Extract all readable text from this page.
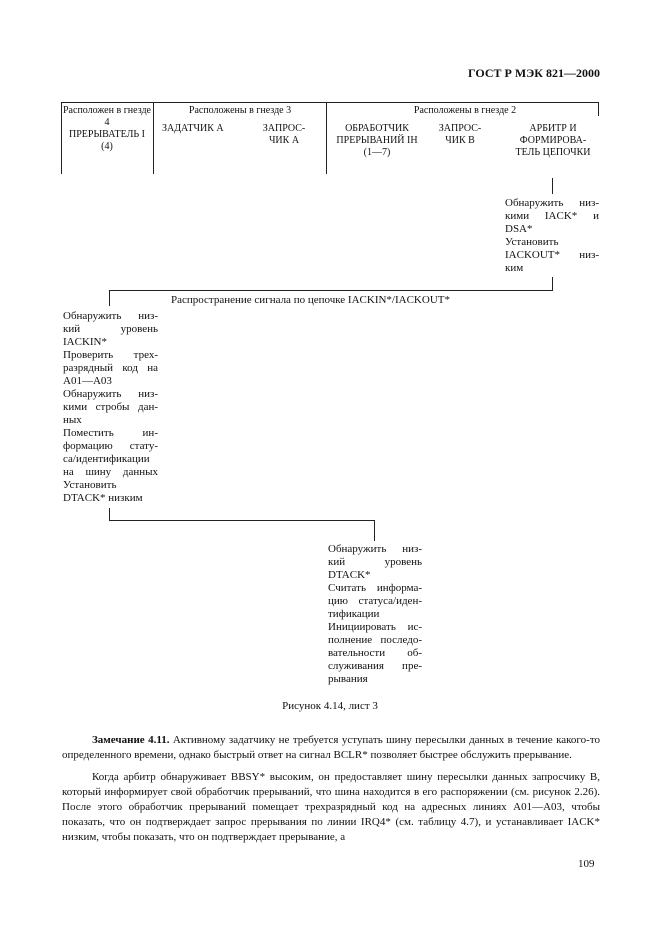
ГОСТ Р МЭК 821—2000
Расположен в гнезде 4
Расположены в гнезде 3	Расположены в гнезде 2
ПРЕРЫВАТЕЛЬ I (4)
ЗАДАТЧИК А	ЗАПРОС-ЧИК А
ОБРАБОТЧИК ПРЕРЫВАНИЙ IH (1—7)
ЗАПРОС-ЧИК В
АРБИТР И ФОРМИРОВА-ТЕЛЬ ЦЕПОЧКИ
Обнаружить низ-
кими IACK* и
DSA*
Установить
IACKOUT* низ-
ким
Распространение сигнала по цепочке IACKIN*/IACKOUT*
Обнаружить низ-
кий уровень
IACKIN*
Проверить трех-
разрядный код на
A01—A03
Обнаружить низ-
кими стробы дан-
ных
Поместить ин-
формацию стату-
са/идентификации
на шину данных
Установить
DTACK* низким
Обнаружить низ-
кий уровень
DTACK*
Считать информа-
цию статуса/иден-
тификации
Инициировать ис-
полнение последо-
вательности об-
служивания пре-
рывания
Рисунок 4.14, лист 3
Замечание 4.11. Активному задатчику не требуется уступать шину пересылки данных в течение какого-то определенного времени, однако быстрый ответ на сигнал BCLR* позволяет быстрее обслужить прерывание.
Когда арбитр обнаруживает BBSY* высоким, он предоставляет шину пересылки данных запросчику B, который информирует свой обработчик прерываний, что шина находится в его распоряжении (см. рисунок 2.26). После этого обработчик прерываний помещает трехразрядный код на адресных линиях A01—A03, чтобы показать, что он подтверждает запрос прерывания по линии IRQ4* (см. таблицу 4.7), и устанавливает IACK* низким, чтобы показать, что он подтверждает прерывание, а
109
